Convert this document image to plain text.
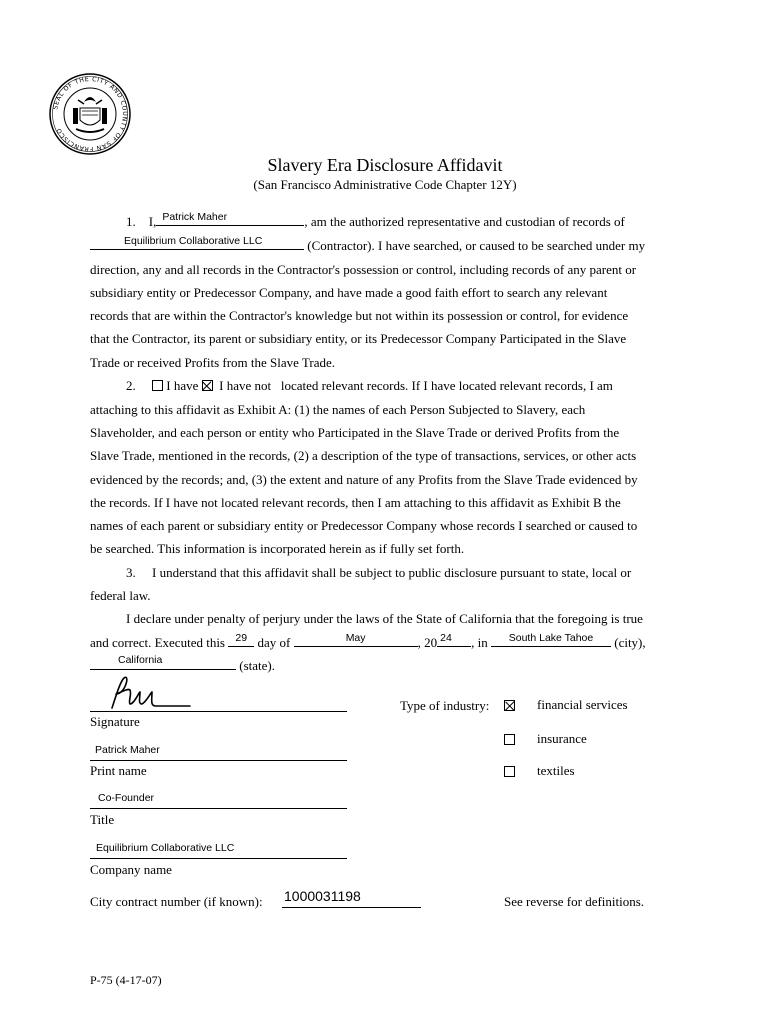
SEAL OF THE CITY AND COUNTY OF SAN FRANCISCO
Slavery Era Disclosure Affidavit
(San Francisco Administrative Code Chapter 12Y)
1. I, Patrick Maher	, am the authorized representative and custodian of records of
Equilibrium Collaborative LLC	(Contractor). I have searched, or caused to be searched under my
direction, any and all records in the Contractor's possession or control, including records of any parent or
subsidiary entity or Predecessor Company, and have made a good faith effort to search any relevant
records that are within the Contractor's knowledge but not within its possession or control, for evidence
that the Contractor, its parent or subsidiary entity, or its Predecessor Company Participated in the Slave
Trade or received Profits from the Slave Trade.
2. I have I have not located relevant records. If I have located relevant records, I am
attaching to this affidavit as Exhibit A: (1) the names of each Person Subjected to Slavery, each
Slaveholder, and each person or entity who Participated in the Slave Trade or derived Profits from the
Slave Trade, mentioned in the records, (2) a description of the type of transactions, services, or other acts
evidenced by the records; and, (3) the extent and nature of any Profits from the Slave Trade evidenced by
the records. If I have not located relevant records, then I am attaching to this affidavit as Exhibit B the
names of each parent or subsidiary entity or Predecessor Company whose records I searched or caused to
be searched. This information is incorporated herein as if fully set forth.
3. I understand that this affidavit shall be subject to public disclosure pursuant to state, local or
federal law.
I declare under penalty of perjury under the laws of the State of California that the foregoing is true
and correct. Executed this 29 day of	May	, 20 24	, in	South Lake Tahoe	(city),
California	(state).
Signature
Patrick Maher
Print name
Co-Founder
Title
Equilibrium Collaborative LLC
Company name
City contract number (if known): 1000031198
Type of industry:	financial services
insurance
textiles
See reverse for definitions.
P-75 (4-17-07)
